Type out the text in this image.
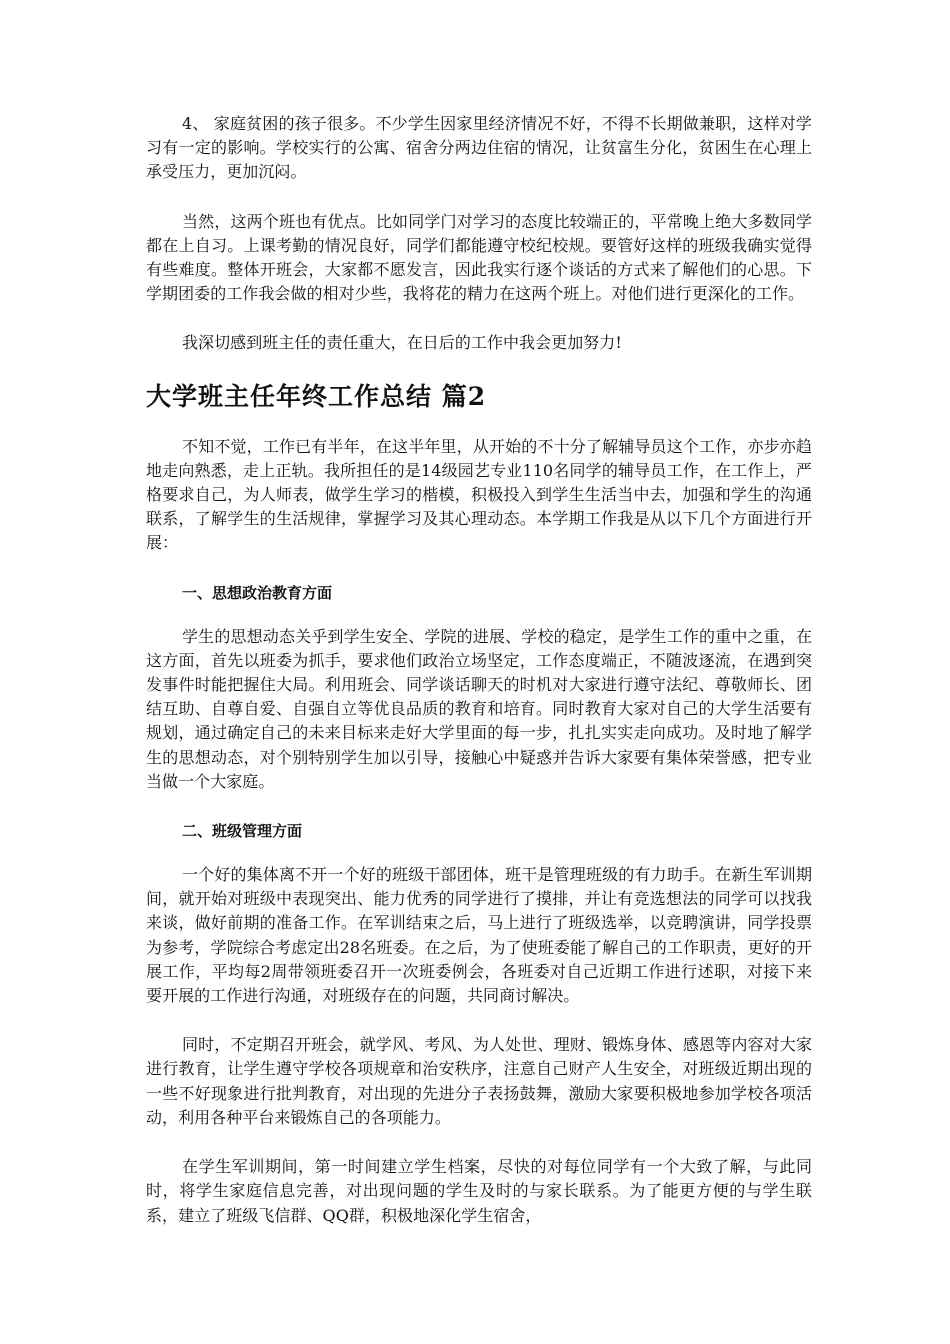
4、 家庭贫困的孩子很多。不少学生因家里经济情况不好，不得不长期做兼职，这样对学习有一定的影响。学校实行的公寓、宿舍分两边住宿的情况，让贫富生分化，贫困生在心理上承受压力，更加沉闷。

当然，这两个班也有优点。比如同学门对学习的态度比较端正的，平常晚上绝大多数同学都在上自习。上课考勤的情况良好，同学们都能遵守校纪校规。要管好这样的班级我确实觉得有些难度。整体开班会，大家都不愿发言，因此我实行逐个谈话的方式来了解他们的心思。下学期团委的工作我会做的相对少些，我将花的精力在这两个班上。对他们进行更深化的工作。

我深切感到班主任的责任重大，在日后的工作中我会更加努力!

大学班主任年终工作总结 篇2

不知不觉，工作已有半年，在这半年里，从开始的不十分了解辅导员这个工作，亦步亦趋地走向熟悉，走上正轨。我所担任的是14级园艺专业110名同学的辅导员工作，在工作上，严格要求自己，为人师表，做学生学习的楷模，积极投入到学生生活当中去，加强和学生的沟通联系，了解学生的生活规律，掌握学习及其心理动态。本学期工作我是从以下几个方面进行开展：

一、思想政治教育方面

学生的思想动态关乎到学生安全、学院的进展、学校的稳定，是学生工作的重中之重，在这方面，首先以班委为抓手，要求他们政治立场坚定，工作态度端正，不随波逐流，在遇到突发事件时能把握住大局。利用班会、同学谈话聊天的时机对大家进行遵守法纪、尊敬师长、团结互助、自尊自爱、自强自立等优良品质的教育和培育。同时教育大家对自己的大学生活要有规划，通过确定自己的未来目标来走好大学里面的每一步，扎扎实实走向成功。及时地了解学生的思想动态，对个别特别学生加以引导，接触心中疑惑并告诉大家要有集体荣誉感，把专业当做一个大家庭。

二、班级管理方面

一个好的集体离不开一个好的班级干部团体，班干是管理班级的有力助手。在新生军训期间，就开始对班级中表现突出、能力优秀的同学进行了摸排，并让有竞选想法的同学可以找我来谈，做好前期的准备工作。在军训结束之后，马上进行了班级选举，以竞聘演讲，同学投票为参考，学院综合考虑定出28名班委。在之后，为了使班委能了解自己的工作职责，更好的开展工作，平均每2周带领班委召开一次班委例会，各班委对自己近期工作进行述职，对接下来要开展的工作进行沟通，对班级存在的问题，共同商讨解决。

同时，不定期召开班会，就学风、考风、为人处世、理财、锻炼身体、感恩等内容对大家进行教育，让学生遵守学校各项规章和治安秩序，注意自己财产人生安全，对班级近期出现的一些不好现象进行批判教育，对出现的先进分子表扬鼓舞，激励大家要积极地参加学校各项活动，利用各种平台来锻炼自己的各项能力。

在学生军训期间，第一时间建立学生档案，尽快的对每位同学有一个大致了解，与此同时，将学生家庭信息完善，对出现问题的学生及时的与家长联系。为了能更方便的与学生联系，建立了班级飞信群、QQ群，积极地深化学生宿舍，
